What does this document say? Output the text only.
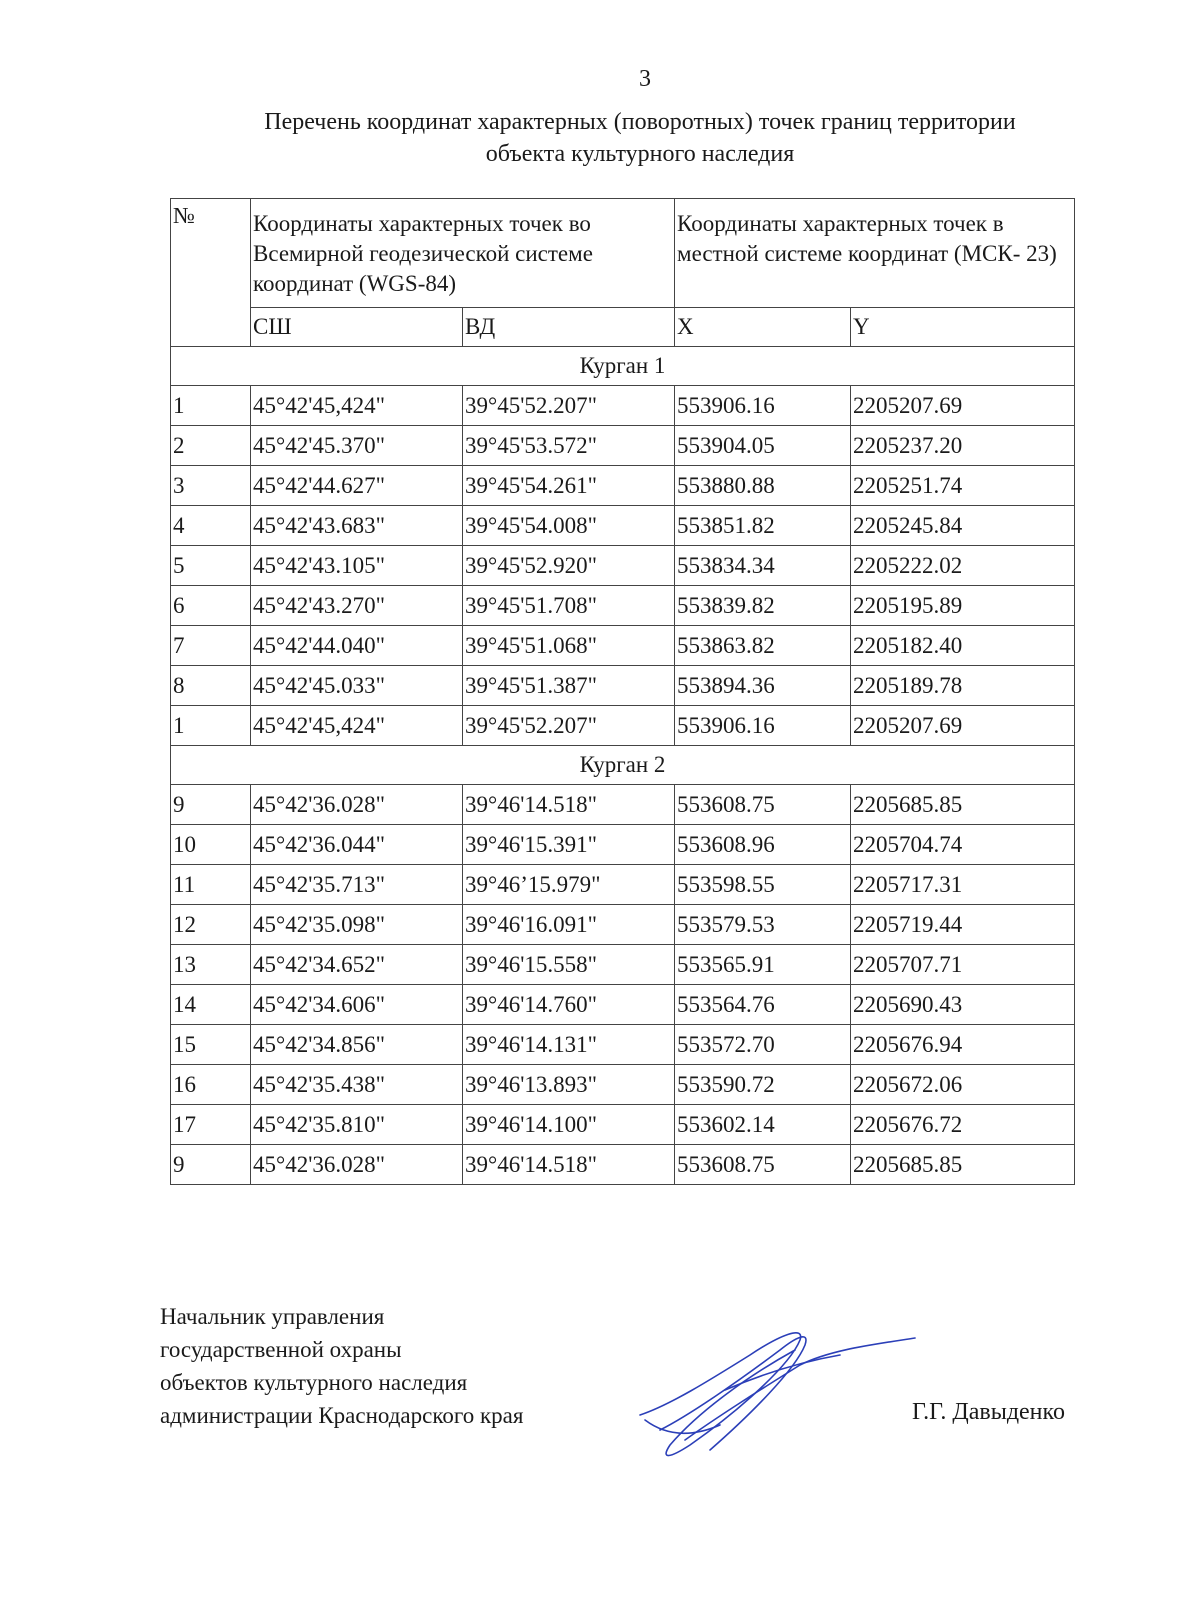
3
Перечень координат характерных (поворотных) точек границ территории
объекта культурного наследия
№	Координаты характерных точек во Всемирной геодезической системе координат (WGS-84)		Координаты характерных точек в местной системе координат (МСК- 23)	
	СШ	ВД	X	Y
Курган 1				
1	45°42'45,424"	39°45'52.207"	553906.16	2205207.69
2	45°42'45.370"	39°45'53.572"	553904.05	2205237.20
3	45°42'44.627"	39°45'54.261"	553880.88	2205251.74
4	45°42'43.683"	39°45'54.008"	553851.82	2205245.84
5	45°42'43.105"	39°45'52.920"	553834.34	2205222.02
6	45°42'43.270"	39°45'51.708"	553839.82	2205195.89
7	45°42'44.040"	39°45'51.068"	553863.82	2205182.40
8	45°42'45.033"	39°45'51.387"	553894.36	2205189.78
1	45°42'45,424"	39°45'52.207"	553906.16	2205207.69
Курган 2				
9	45°42'36.028"	39°46'14.518"	553608.75	2205685.85
10	45°42'36.044"	39°46'15.391"	553608.96	2205704.74
11	45°42'35.713"	39°46’15.979"	553598.55	2205717.31
12	45°42'35.098"	39°46'16.091"	553579.53	2205719.44
13	45°42'34.652"	39°46'15.558"	553565.91	2205707.71
14	45°42'34.606"	39°46'14.760"	553564.76	2205690.43
15	45°42'34.856"	39°46'14.131"	553572.70	2205676.94
16	45°42'35.438"	39°46'13.893"	553590.72	2205672.06
17	45°42'35.810"	39°46'14.100"	553602.14	2205676.72
9	45°42'36.028"	39°46'14.518"	553608.75	2205685.85
Начальник управления
государственной охраны
объектов культурного наследия
администрации Краснодарского края	Г.Г. Давыденко
